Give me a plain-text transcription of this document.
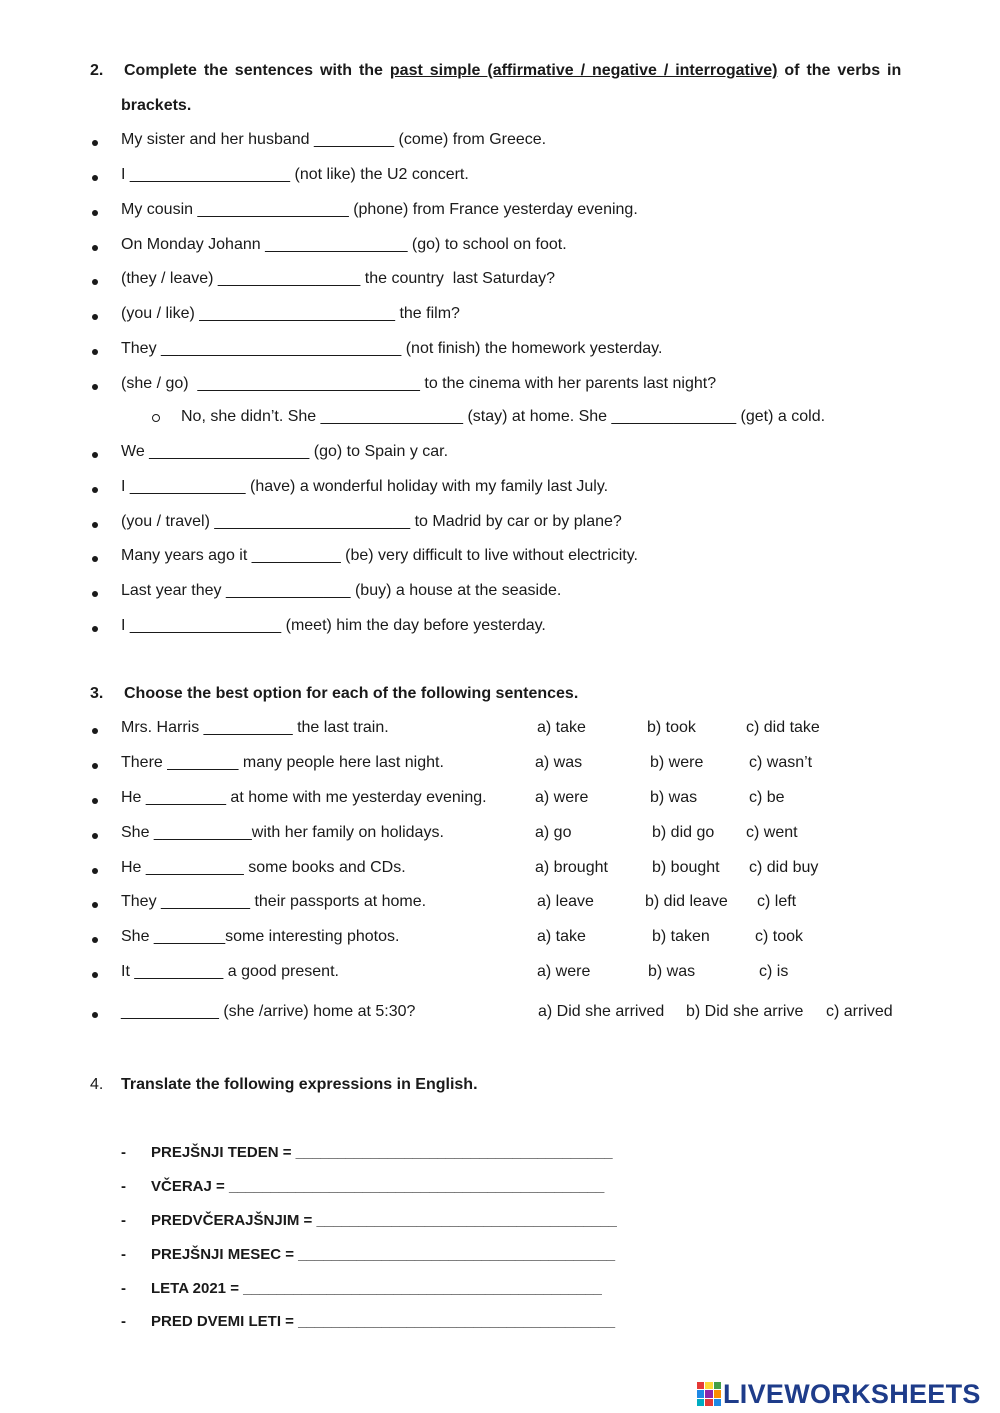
2. Complete the sentences with the past simple (affirmative / negative / interrogative) of the verbs in
brackets.
My sister and her husband _________ (come) from Greece.
I __________________ (not like) the U2 concert.
My cousin _________________ (phone) from France yesterday evening.
On Monday Johann ________________ (go) to school on foot.
(they / leave) ________________ the country  last Saturday?
(you / like) ______________________ the film?
They ___________________________ (not finish) the homework yesterday.
(she / go)  _________________________ to the cinema with her parents last night?
No, she didn’t. She ________________ (stay) at home. She ______________ (get) a cold.
We __________________ (go) to Spain y car.
I _____________ (have) a wonderful holiday with my family last July.
(you / travel) ______________________ to Madrid by car or by plane?
Many years ago it __________ (be) very difficult to live without electricity.
Last year they ______________ (buy) a house at the seaside.
I _________________ (meet) him the day before yesterday.
3. Choose the best option for each of the following sentences.
Mrs. Harris __________ the last train.	a) take	b) took	c) did take
There ________ many people here last night.	a) was	b) were	c) wasn’t
He _________ at home with me yesterday evening.	a) were	b) was	c) be
She ___________with her family on holidays.	a) go	b) did go c) went
He ___________ some books and CDs.	a) brought	b) bought c) did buy
They __________ their passports at home.	a) leave	b) did leave c) left
She ________some interesting photos.	a) take	b) taken	c) took
It __________ a good present.	a) were	b) was	c) is
___________ (she /arrive) home at 5:30?	a) Did she arrived b) Did she arrive c) arrived
4. Translate the following expressions in English.
- PREJŠNJI TEDEN = ______________________________________
- VČERAJ = _____________________________________________
- PREDVČERAJŠNJIM = ____________________________________
- PREJŠNJI MESEC = ______________________________________
- LETA 2021 = ___________________________________________
- PRED DVEMI LETI = ______________________________________
LIVEWORKSHEETS
